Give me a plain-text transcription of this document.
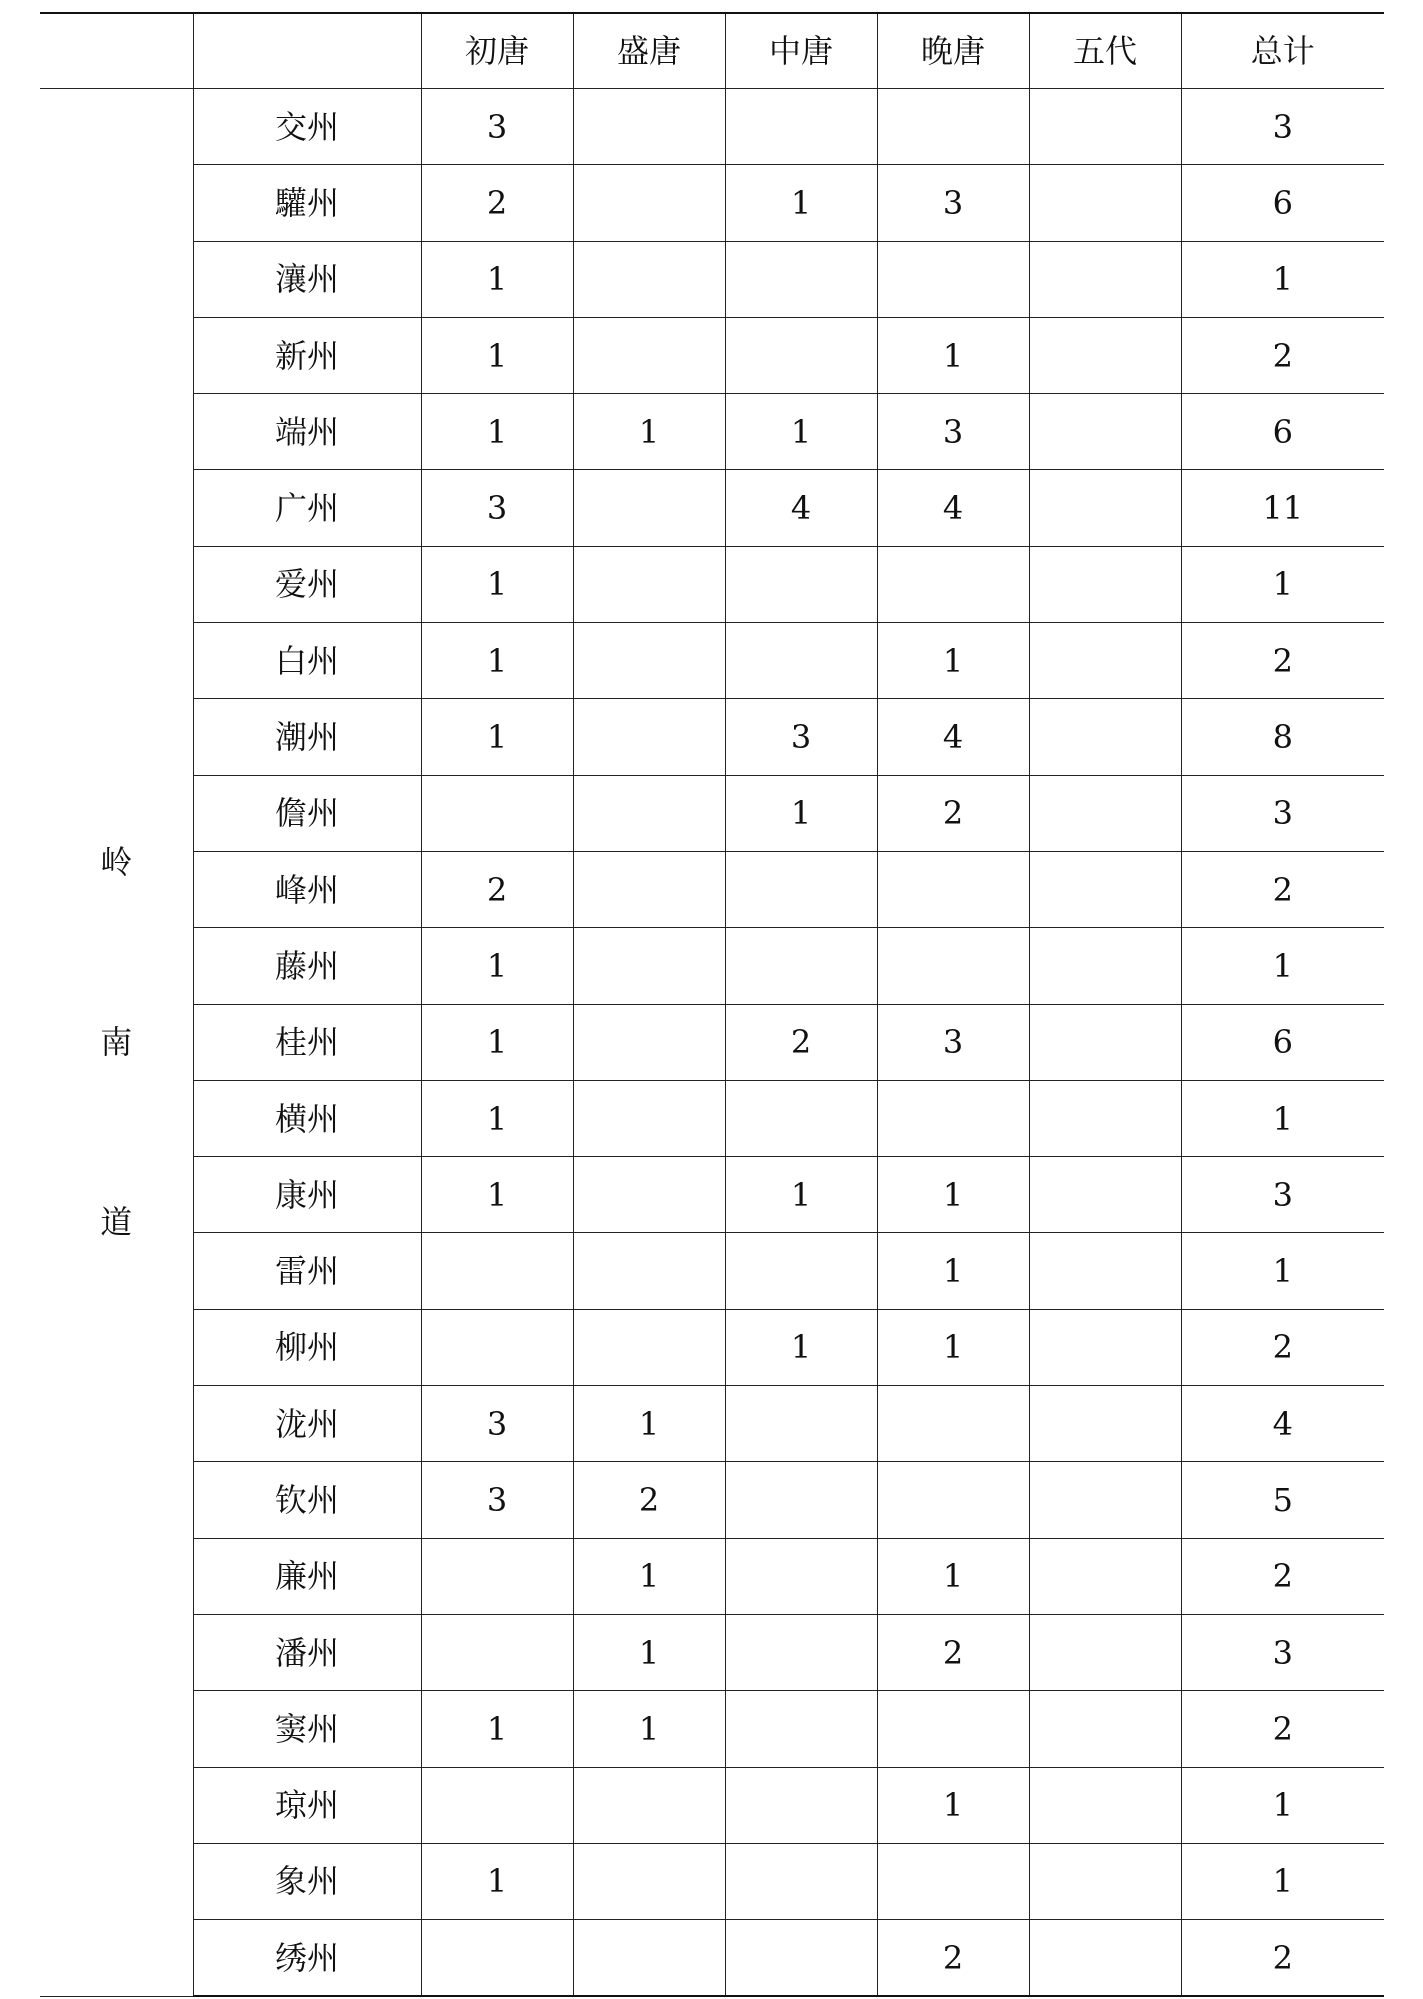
		初唐	盛唐	中唐	晚唐	五代	总计

岭
南
道	交州	3					3
	驩州	2		1	3		6
	瀼州	1					1
	新州	1			1		2
	端州	1	1	1	3		6
	广州	3		4	4		11
	爱州	1					1
	白州	1			1		2
	潮州	1		3	4		8
	儋州			1	2		3
	峰州	2					2
	藤州	1					1
	桂州	1		2	3		6
	横州	1					1
	康州	1		1	1		3
	雷州				1		1
	柳州			1	1		2
	泷州	3	1				4
	钦州	3	2				5
	廉州		1		1		2
	潘州		1		2		3
	窦州	1	1				2
	琼州				1		1
	象州	1					1
	绣州				2		2
